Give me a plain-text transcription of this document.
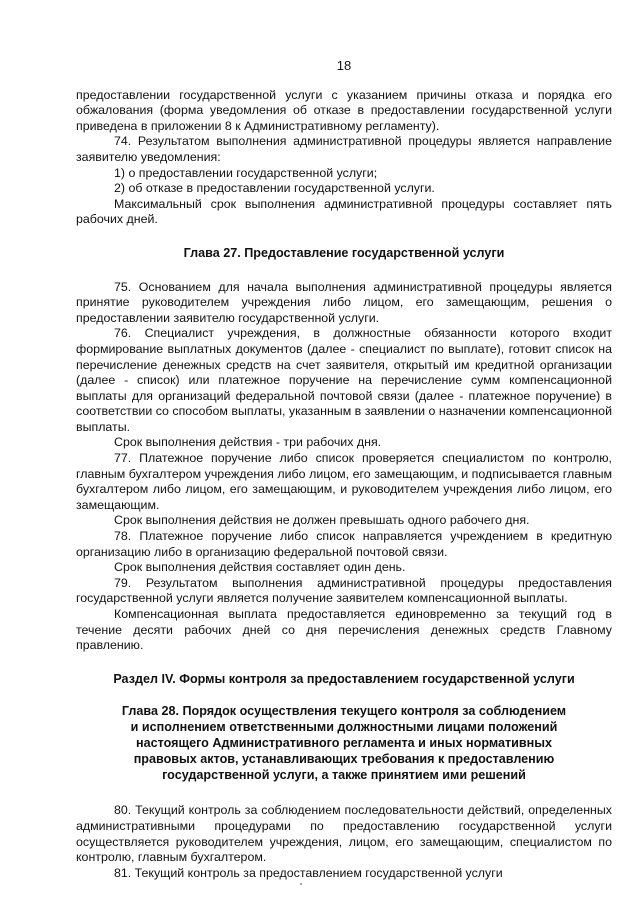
18

предоставлении государственной услуги с указанием причины отказа и порядка его обжалования (форма уведомления об отказе в предоставлении государственной услуги приведена в приложении 8 к Административному регламенту).

74. Результатом выполнения административной процедуры является направление заявителю уведомления:

1) о предоставлении государственной услуги;

2) об отказе в предоставлении государственной услуги.

Максимальный срок выполнения административной процедуры составляет пять рабочих дней.

Глава 27. Предоставление государственной услуги

75. Основанием для начала выполнения административной процедуры является принятие руководителем учреждения либо лицом, его замещающим, решения о предоставлении заявителю государственной услуги.

76. Специалист учреждения, в должностные обязанности которого входит формирование выплатных документов (далее - специалист по выплате), готовит список на перечисление денежных средств на счет заявителя, открытый им кредитной организации (далее - список) или платежное поручение на перечисление сумм компенсационной выплаты для организаций федеральной почтовой связи (далее - платежное поручение) в соответствии со способом выплаты, указанным в заявлении о назначении компенсационной выплаты.

Срок выполнения действия - три рабочих дня.

77. Платежное поручение либо список проверяется специалистом по контролю, главным бухгалтером учреждения либо лицом, его замещающим, и подписывается главным бухгалтером либо лицом, его замещающим, и руководителем учреждения либо лицом, его замещающим.

Срок выполнения действия не должен превышать одного рабочего дня.

78. Платежное поручение либо список направляется учреждением в кредитную организацию либо в организацию федеральной почтовой связи.

Срок выполнения действия составляет один день.

79. Результатом выполнения административной процедуры предоставления государственной услуги является получение заявителем компенсационной выплаты.

Компенсационная выплата предоставляется единовременно за текущий год в течение десяти рабочих дней со дня перечисления денежных средств Главному правлению.

Раздел IV. Формы контроля за предоставлением государственной услуги
Глава 28. Порядок осуществления текущего контроля за соблюдением
и исполнением ответственными должностными лицами положений
настоящего Административного регламента и иных нормативных
правовых актов, устанавливающих требования к предоставлению
государственной услуги, а также принятием ими решений

80. Текущий контроль за соблюдением последовательности действий, определенных административными процедурами по предоставлению государственной услуги осуществляется руководителем учреждения, лицом, его замещающим, специалистом по контролю, главным бухгалтером.

81. Текущий контроль за предоставлением государственной услуги
